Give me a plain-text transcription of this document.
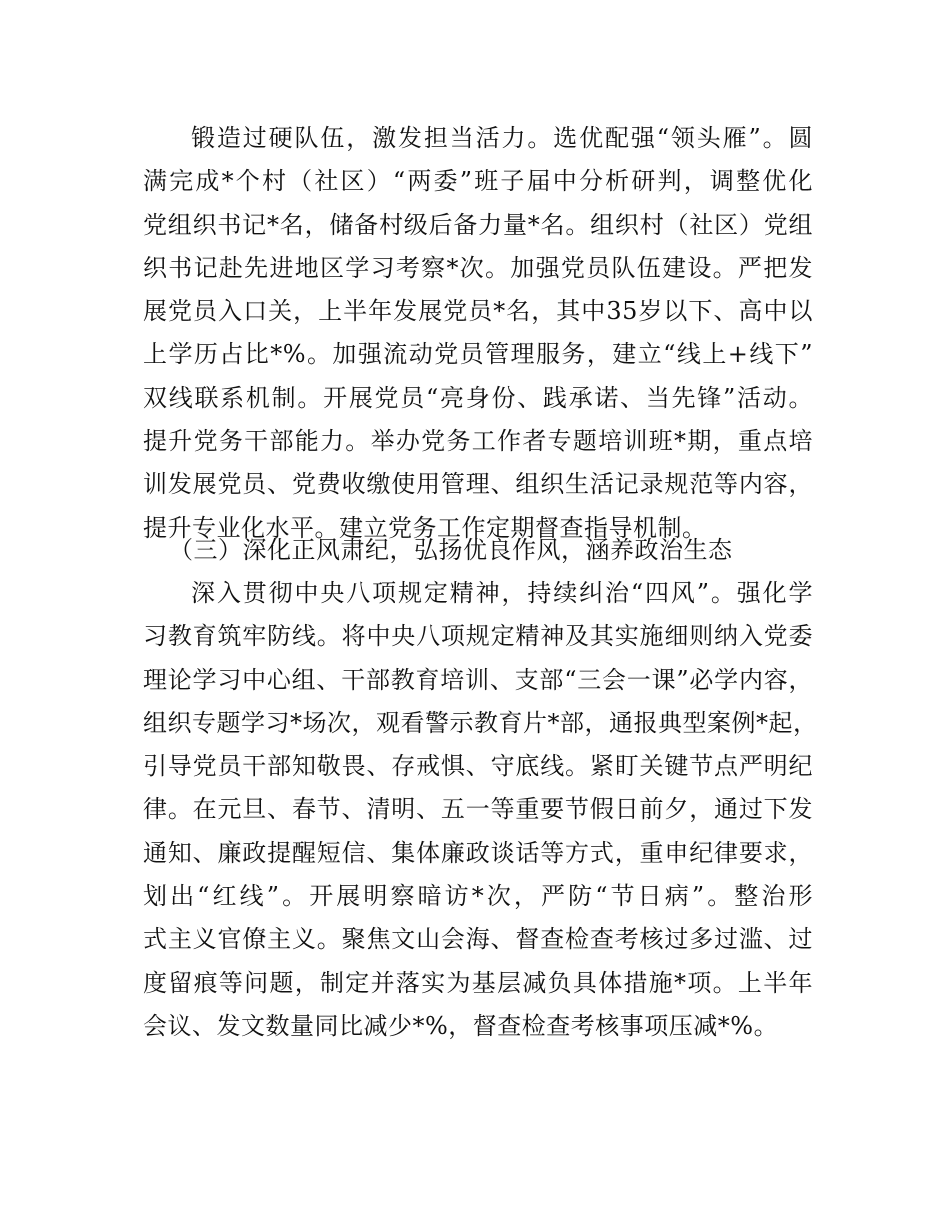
锻造过硬队伍，激发担当活力。选优配强“领头雁”。圆
满完成*个村（社区）“两委”班子届中分析研判，调整优化
党组织书记*名，储备村级后备力量*名。组织村（社区）党组
织书记赴先进地区学习考察*次。加强党员队伍建设。严把发
展党员入口关，上半年发展党员*名，其中35岁以下、高中以
上学历占比*%。加强流动党员管理服务，建立“线上+线下”
双线联系机制。开展党员“亮身份、践承诺、当先锋”活动。
提升党务干部能力。举办党务工作者专题培训班*期，重点培
训发展党员、党费收缴使用管理、组织生活记录规范等内容，
提升专业化水平。建立党务工作定期督查指导机制。
（三）深化正风肃纪，弘扬优良作风，涵养政治生态
深入贯彻中央八项规定精神，持续纠治“四风”。强化学
习教育筑牢防线。将中央八项规定精神及其实施细则纳入党委
理论学习中心组、干部教育培训、支部“三会一课”必学内容，
组织专题学习*场次，观看警示教育片*部，通报典型案例*起，
引导党员干部知敬畏、存戒惧、守底线。紧盯关键节点严明纪
律。在元旦、春节、清明、五一等重要节假日前夕，通过下发
通知、廉政提醒短信、集体廉政谈话等方式，重申纪律要求，
划出“红线”。开展明察暗访*次，严防“节日病”。整治形
式主义官僚主义。聚焦文山会海、督查检查考核过多过滥、过
度留痕等问题，制定并落实为基层减负具体措施*项。上半年
会议、发文数量同比减少*%，督查检查考核事项压减*%。
